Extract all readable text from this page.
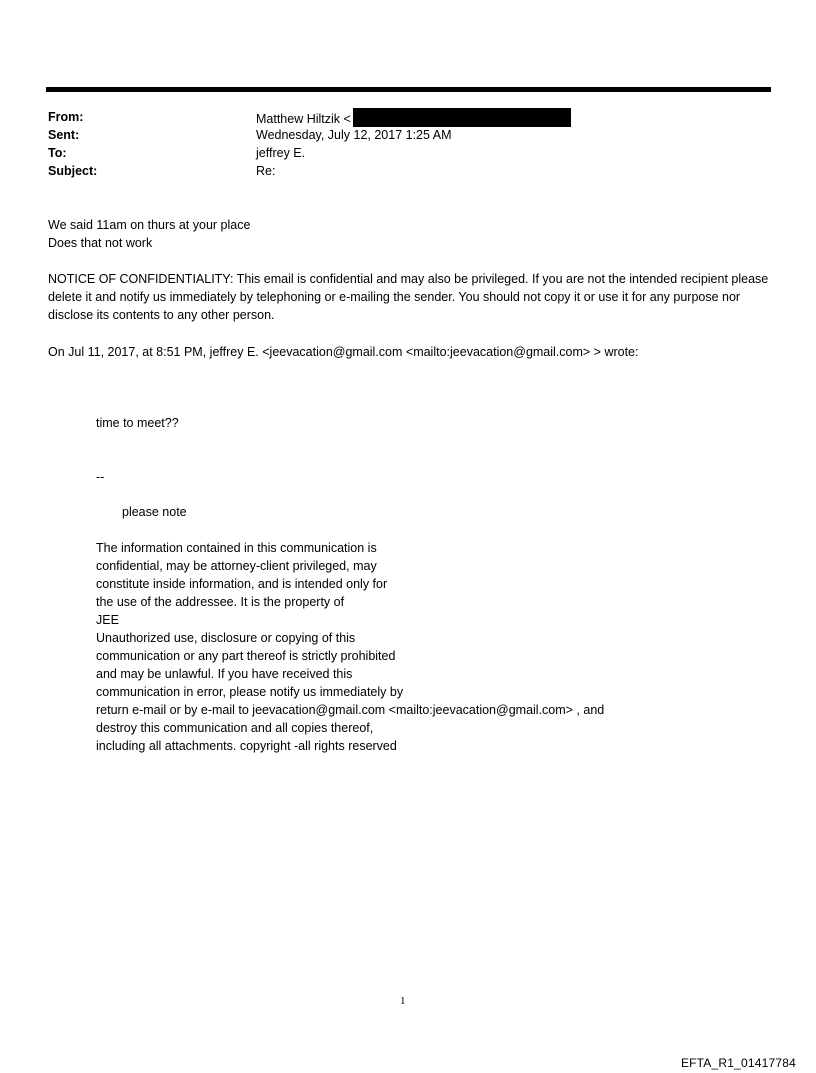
From:	Matthew Hiltzik <
Sent:	Wednesday, July 12, 2017 1:25 AM
To:	jeffrey E.
Subject:	Re:
We said 11am on thurs at your place
Does that not work
NOTICE OF CONFIDENTIALITY: This email is confidential and may also be privileged. If you are not the intended recipient please delete it and notify us immediately by telephoning or e-mailing the sender. You should not copy it or use it for any purpose nor disclose its contents to any other person.
On Jul 11, 2017, at 8:51 PM, jeffrey E. <jeevacation@gmail.com <mailto:jeevacation@gmail.com> > wrote:
time to meet??
--
please note
The information contained in this communication is
confidential, may be attorney-client privileged, may
constitute inside information, and is intended only for
the use of the addressee. It is the property of
JEE
Unauthorized use, disclosure or copying of this
communication or any part thereof is strictly prohibited
and may be unlawful. If you have received this
communication in error, please notify us immediately by
return e-mail or by e-mail to jeevacation@gmail.com <mailto:jeevacation@gmail.com> , and
destroy this communication and all copies thereof,
including all attachments. copyright -all rights reserved
1
EFTA_R1_01417784
